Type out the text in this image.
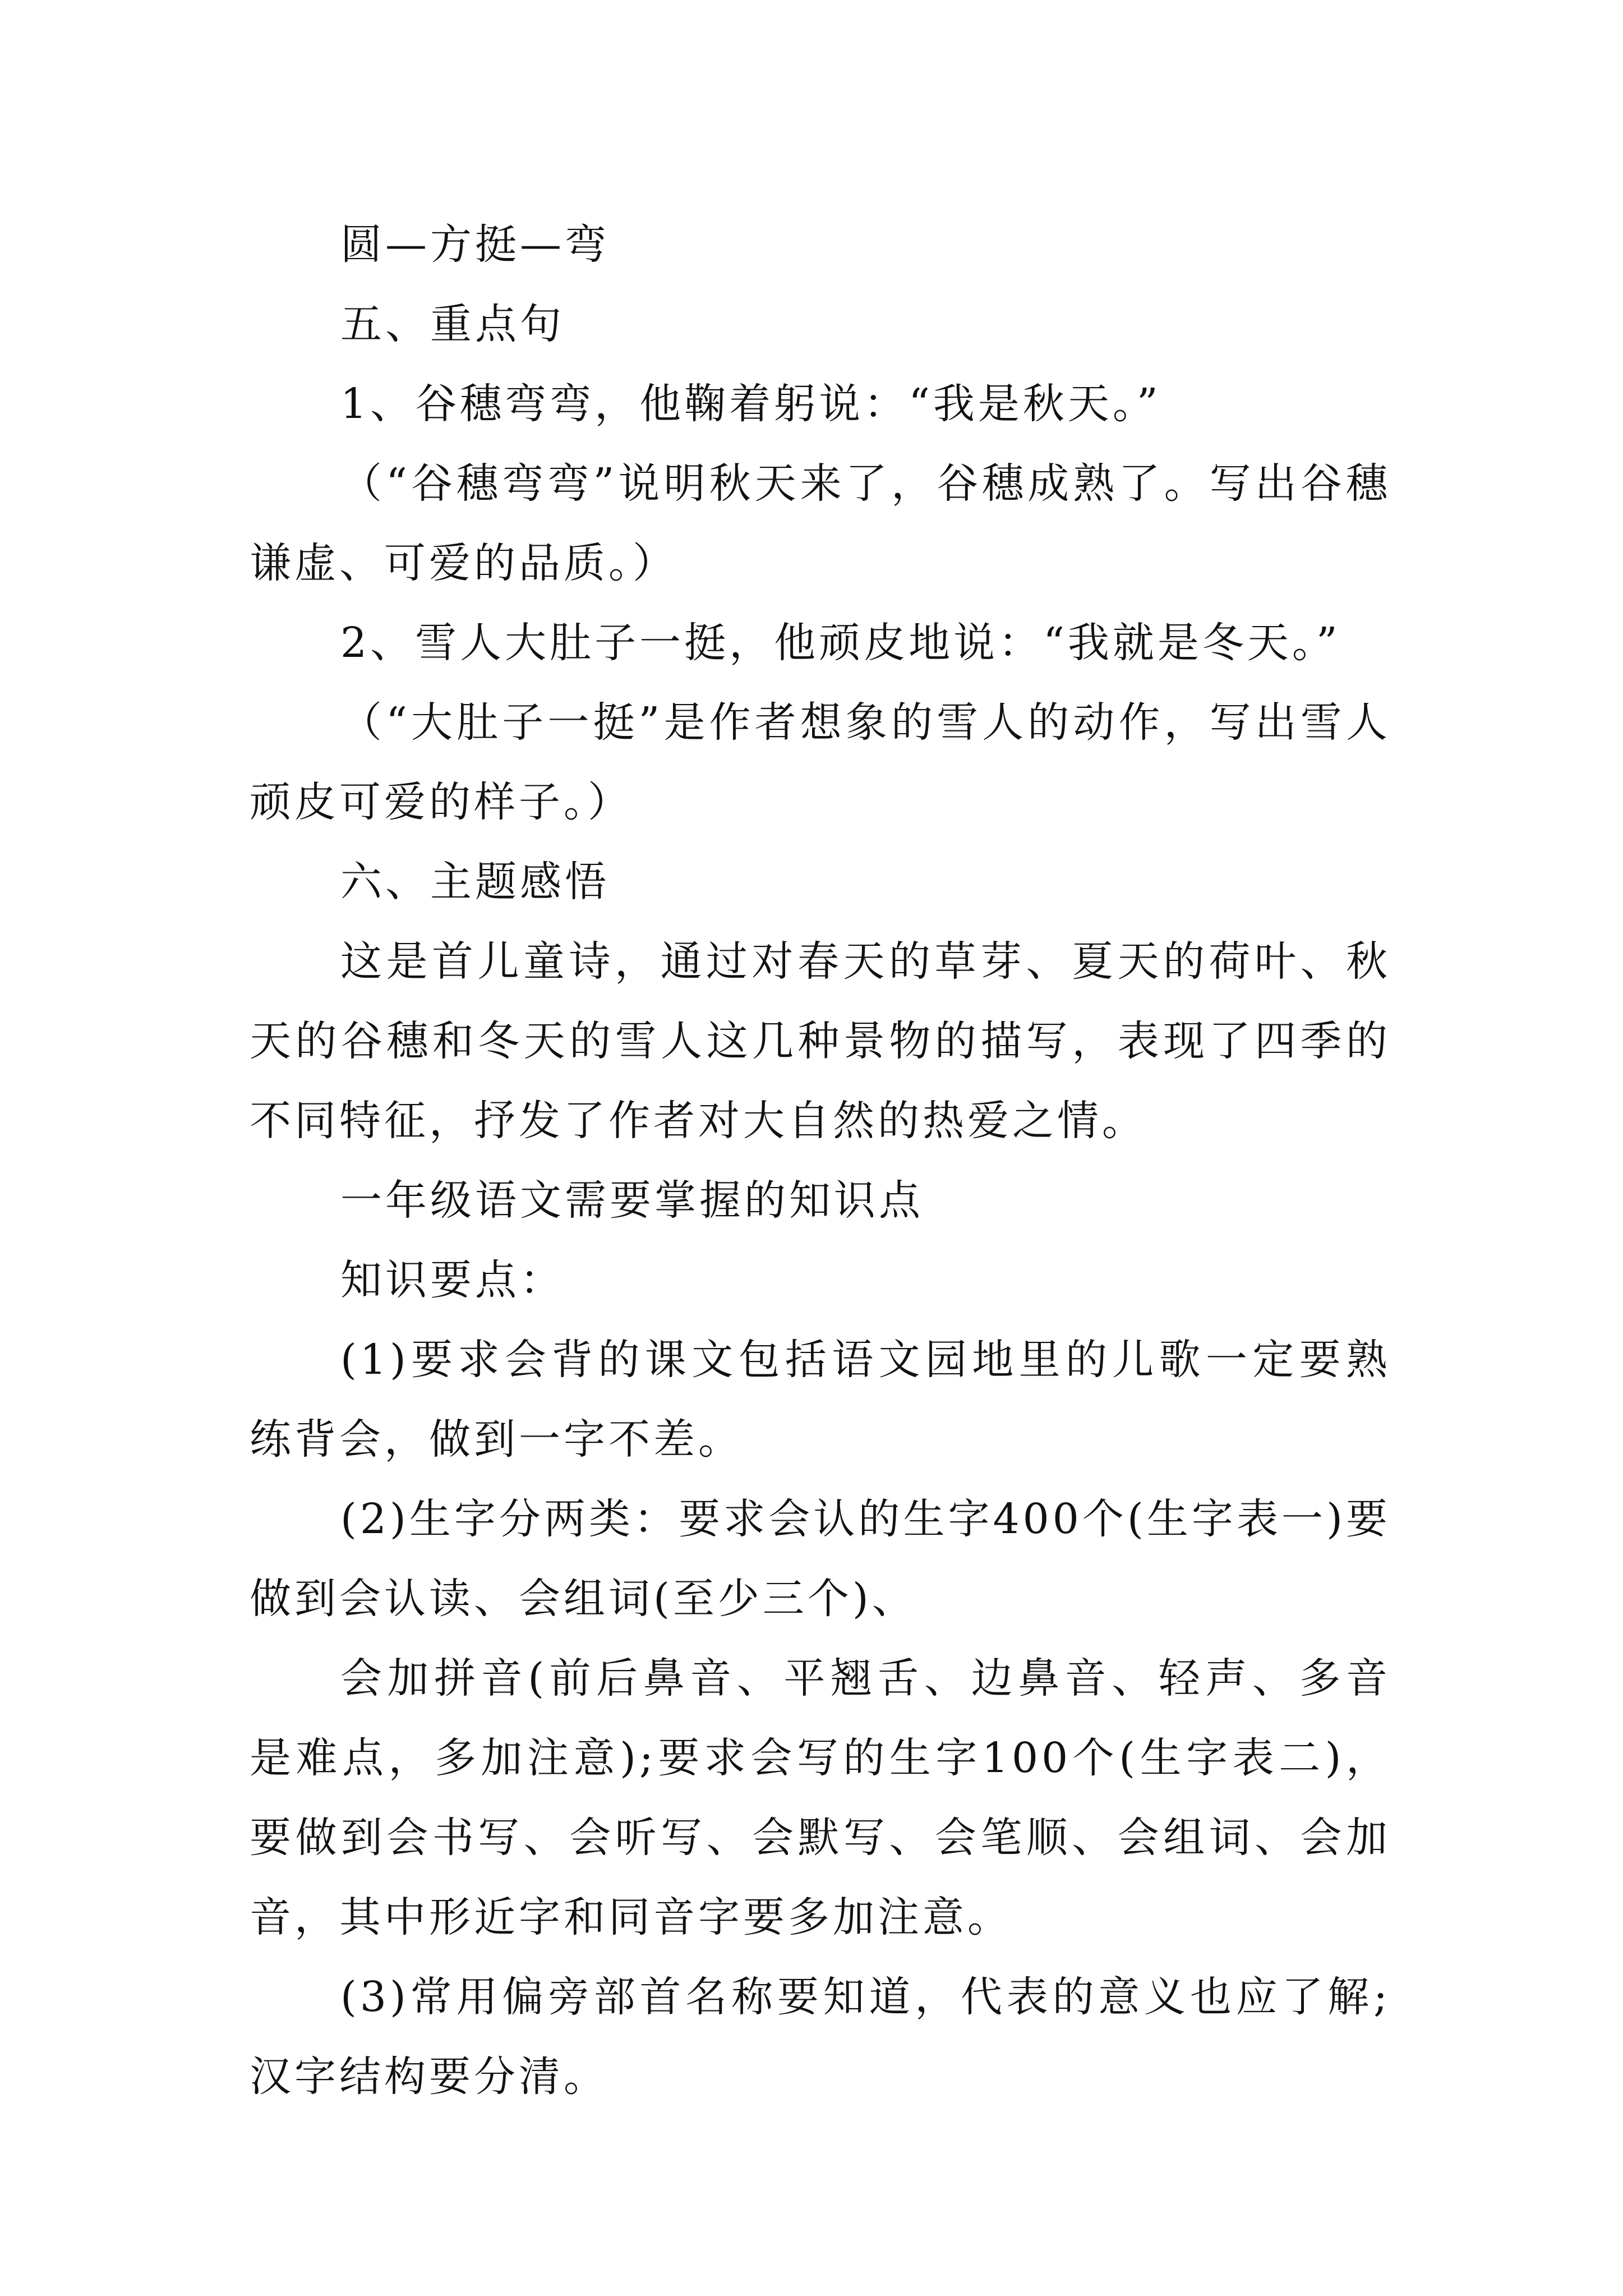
圆—方挺—弯

五、重点句

1、谷穗弯弯，他鞠着躬说：“我是秋天。”

（“谷穗弯弯”说明秋天来了，谷穗成熟了。写出谷穗谦虚、可爱的品质。）

2、雪人大肚子一挺，他顽皮地说：“我就是冬天。”

（“大肚子一挺”是作者想象的雪人的动作，写出雪人顽皮可爱的样子。）

六、主题感悟

这是首儿童诗，通过对春天的草芽、夏天的荷叶、秋天的谷穗和冬天的雪人这几种景物的描写，表现了四季的不同特征，抒发了作者对大自然的热爱之情。

一年级语文需要掌握的知识点

知识要点：

(1)要求会背的课文包括语文园地里的儿歌一定要熟练背会，做到一字不差。

(2)生字分两类：要求会认的生字400个(生字表一)要做到会认读、会组词(至少三个)、

会加拼音(前后鼻音、平翘舌、边鼻音、轻声、多音是难点，多加注意);要求会写的生字100个(生字表二)，要做到会书写、会听写、会默写、会笔顺、会组词、会加音，其中形近字和同音字要多加注意。

(3)常用偏旁部首名称要知道，代表的意义也应了解;汉字结构要分清。
